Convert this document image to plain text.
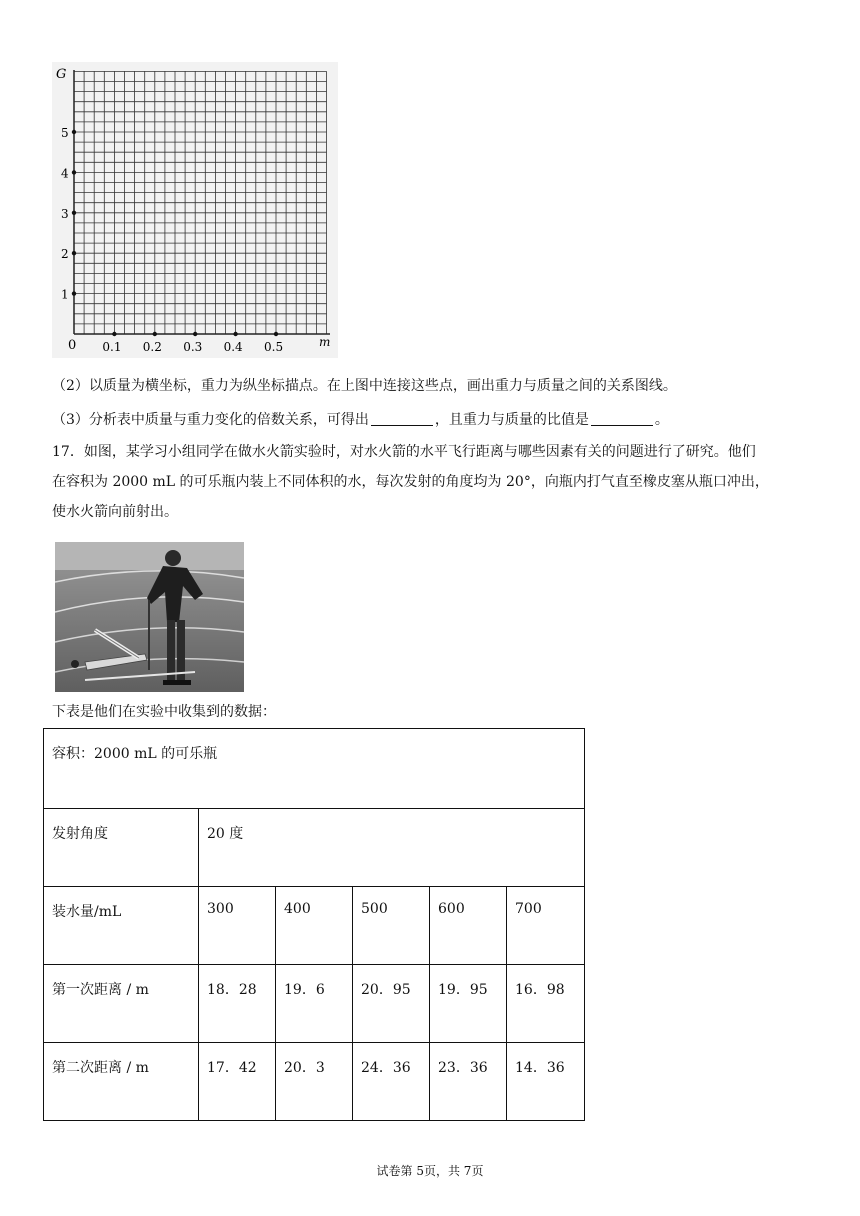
G
m
0
1
2
3
4
5
0.1 0.2 0.3 0.4 0.5
（2）以质量为横坐标，重力为纵坐标描点。在上图中连接这些点，画出重力与质量之间的关系图线。
（3）分析表中质量与重力变化的倍数关系，可得出	，且重力与质量的比值是	。
17．如图，某学习小组同学在做水火箭实验时，对水火箭的水平飞行距离与哪些因素有关的问题进行了研究。他们
在容积为 2000 mL 的可乐瓶内装上不同体积的水，每次发射的角度均为 20°，向瓶内打气直至橡皮塞从瓶口冲出，
使水火箭向前射出。
下表是他们在实验中收集到的数据：
容积：2000 mL 的可乐瓶					
发射角度	20 度				
装水量/mL	300	400	500	600	700
第一次距离 / m	18．28	19．6	20．95	19．95	16．98
第二次距离 / m	17．42	20．3	24．36	23．36	14．36
试卷第 5页，共 7页
